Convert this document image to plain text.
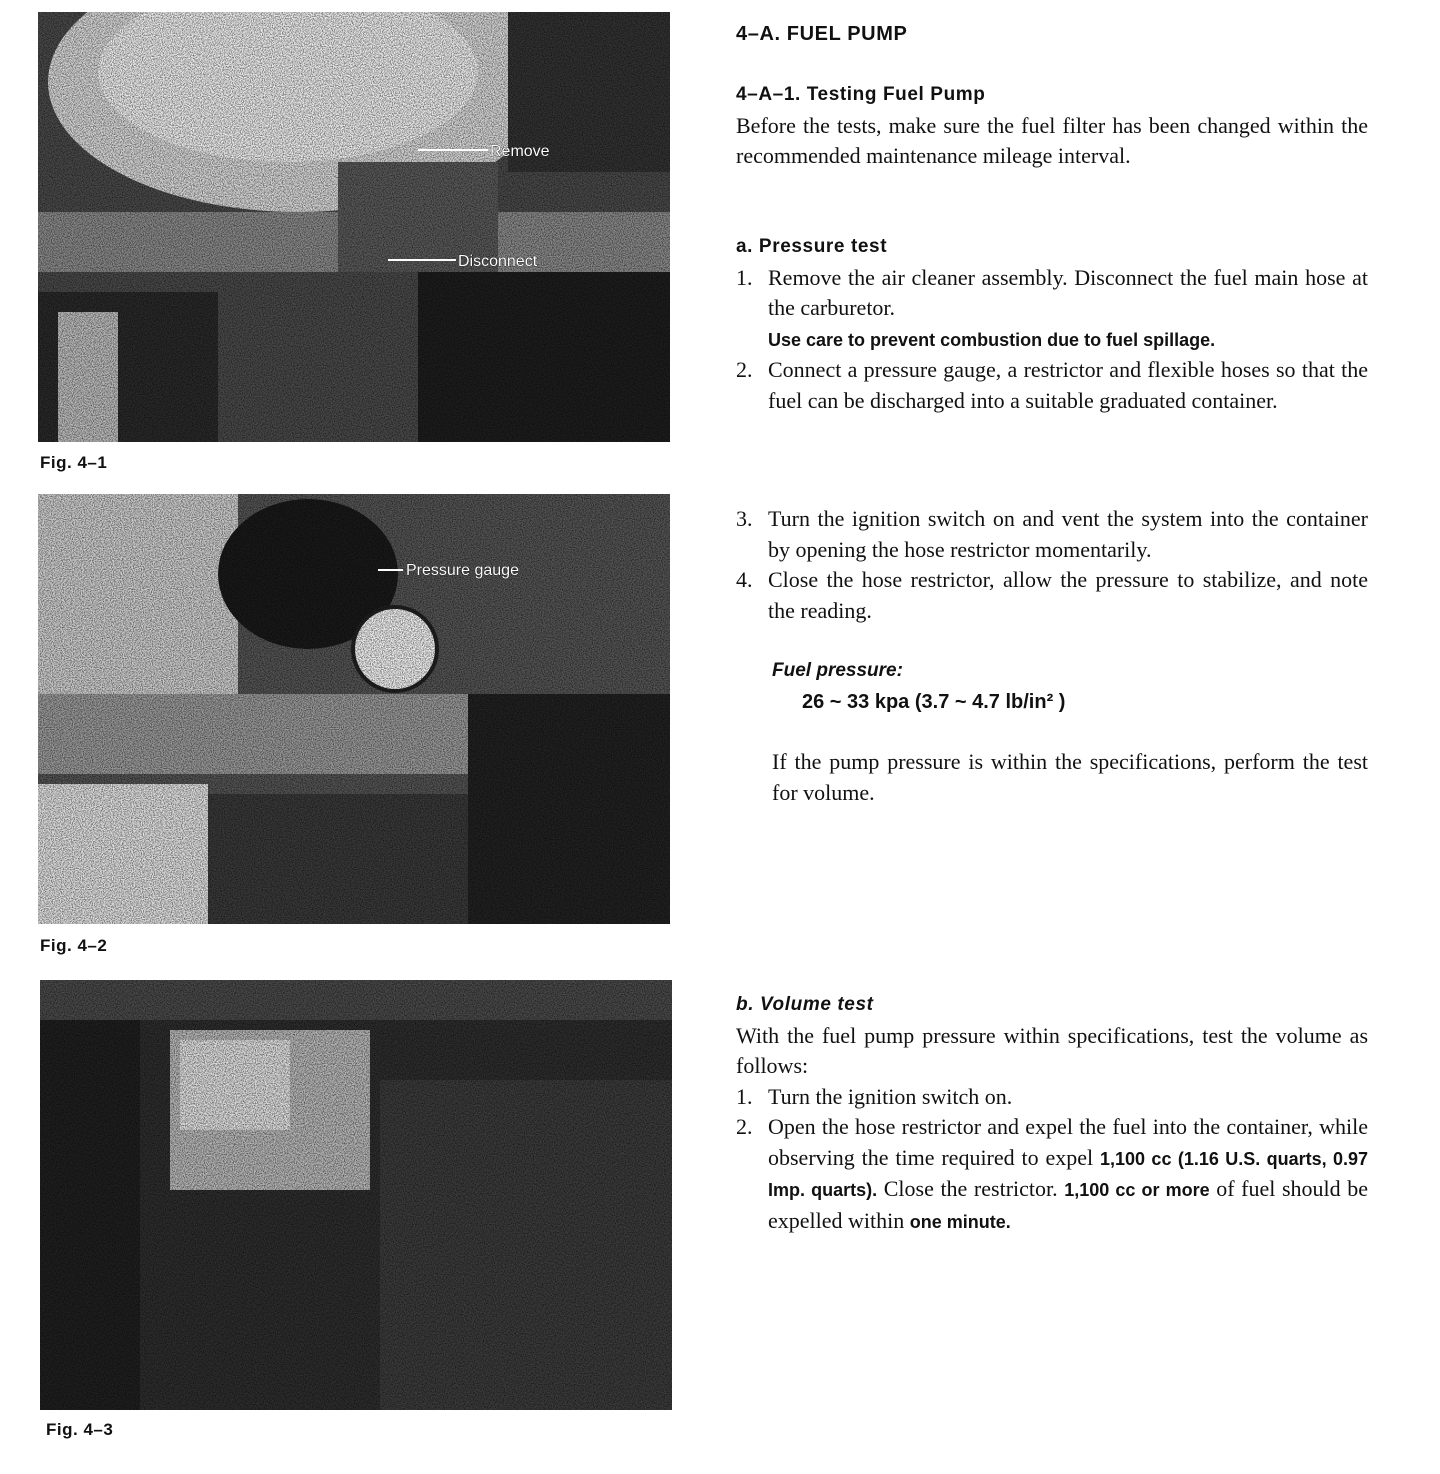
Remove
Disconnect
Fig. 4–1
Pressure gauge
Fig. 4–2
Fig. 4–3
4–A. FUEL PUMP
4–A–1. Testing Fuel Pump

Before the tests, make sure the fuel filter has been changed within the recommended maintenance mileage interval.

a. Pressure test
1. Remove the air cleaner assembly. Disconnect the fuel main hose at the carburetor.
Use care to prevent combustion due to fuel spillage.
2. Connect a pressure gauge, a restrictor and flexible hoses so that the fuel can be discharged into a suitable graduated container.
3. Turn the ignition switch on and vent the system into the container by opening the hose restrictor momentarily.
4. Close the hose restrictor, allow the pressure to stabilize, and note the reading.
Fuel pressure:
26 ~ 33 kpa (3.7 ~ 4.7 lb/in² )

If the pump pressure is within the specifications, perform the test for volume.

b. Volume test

With the fuel pump pressure within specifications, test the volume as follows:

1. Turn the ignition switch on.
2. Open the hose restrictor and expel the fuel into the container, while observing the time required to expel 1,100 cc (1.16 U.S. quarts, 0.97 Imp. quarts). Close the restrictor. 1,100 cc or more of fuel should be expelled within one minute.
